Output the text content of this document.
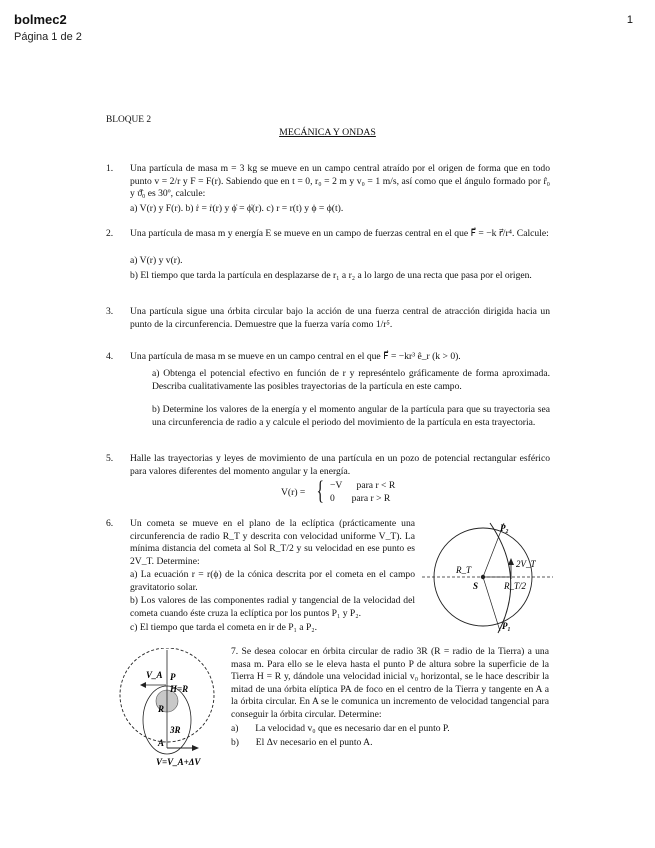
bolmec2
Página 1 de 2
1
BLOQUE 2
MECÁNICA Y ONDAS
1. Una partícula de masa m = 3 kg se mueve en un campo central atraído por el origen de forma que en todo punto v = 2/r y F = F(r). Sabiendo que en t = 0, r₀ = 2 m y v₀ = 1 m/s, así como que el ángulo formado por r̂₀ y ϑ̂₀ es 30º, calcule:
a) V(r) y F(r). b) ṙ = ṙ(r) y ϕ̇ = ϕ̇(r). c) r = r(t) y ϕ = ϕ(t).
2. Una partícula de masa m y energía E se mueve en un campo de fuerzas central en el que F⃗ = −k r⃗/r⁴. Calcule:
a) V(r) y v(r).
b) El tiempo que tarda la partícula en desplazarse de r₁ a r₂ a lo largo de una recta que pasa por el origen.
3. Una partícula sigue una órbita circular bajo la acción de una fuerza central de atracción dirigida hacia un punto de la circunferencia. Demuestre que la fuerza varía como 1/r⁵.
4. Una partícula de masa m se mueve en un campo central en el que F⃗ = −kr³ ê_r (k > 0).
a) Obtenga el potencial efectivo en función de r y represéntelo gráficamente de forma aproximada. Describa cualitativamente las posibles trayectorias de la partícula en este campo.
b) Determine los valores de la energía y el momento angular de la partícula para que su trayectoria sea una circunferencia de radio a y calcule el periodo del movimiento de la partícula en esta trayectoria.
5. Halle las trayectorias y leyes de movimiento de una partícula en un pozo de potencial rectangular esférico para valores diferentes del momento angular y la energía.
V(r) = { −V      para r < R
0       para r > R
6. Un cometa se mueve en el plano de la eclíptica (prácticamente una circunferencia de radio R_T y descrita con velocidad uniforme V_T). La mínima distancia del cometa al Sol R_T/2 y su velocidad en ese punto es 2V_T. Determine:
a) La ecuación r = r(ϕ) de la cónica descrita por el cometa en el campo gravitatorio solar.
b) Los valores de las componentes radial y tangencial de la velocidad del cometa cuando éste cruza la eclíptica por los puntos P₁ y P₂.
c) El tiempo que tarda el cometa en ir de P₁ a P₂.
P₂
P₁
R_T
S
2V_T
R_T/2
7. Se desea colocar en órbita circular de radio 3R (R = radio de la Tierra) a una masa m. Para ello se le eleva hasta el punto P de altura sobre la superficie de la Tierra H = R y, dándole una velocidad inicial v₀ horizontal, se le hace describir la mitad de una órbita elíptica PA de foco en el centro de la Tierra y tangente en A a la órbita circular. En A se le comunica un incremento de velocidad tangencial para conseguir la órbita circular. Determine:
a)       La velocidad v₀ que es necesario dar en el punto P.
b)       El Δv necesario en el punto A.
V_A P
H=R
R
3R
A
V=V_A+ΔV
